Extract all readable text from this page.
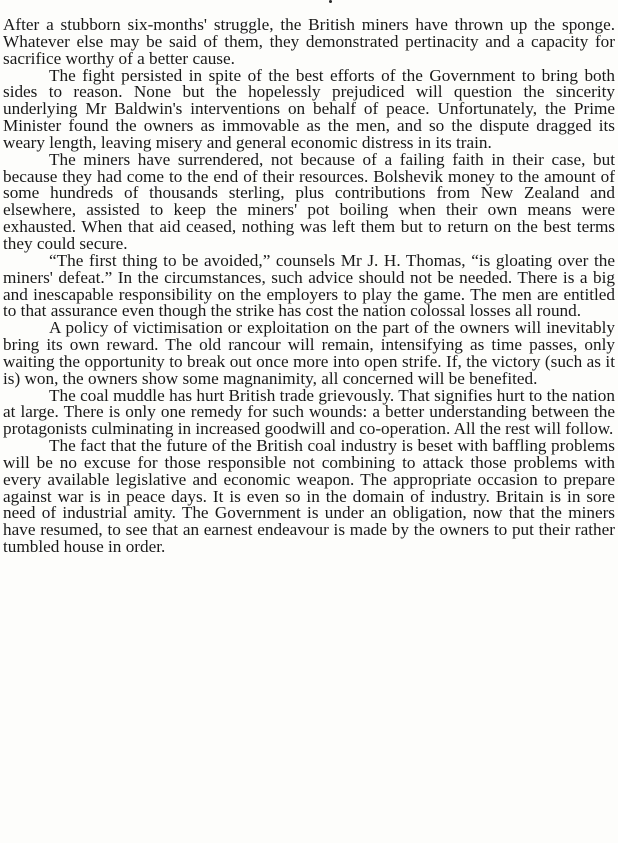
After a stubborn six-months' struggle, the British miners have thrown up the sponge. Whatever else may be said of them, they demonstrated pertinacity and a capacity for sacrifice worthy of a better cause.

The fight persisted in spite of the best efforts of the Government to bring both sides to reason. None but the hopelessly prejudiced will question the sincerity underlying Mr Baldwin's interventions on behalf of peace. Unfortunately, the Prime Minister found the owners as immovable as the men, and so the dispute dragged its weary length, leaving misery and general economic distress in its train.

The miners have surrendered, not because of a failing faith in their case, but because they had come to the end of their resources. Bolshevik money to the amount of some hundreds of thousands sterling, plus contributions from New Zealand and elsewhere, assisted to keep the miners' pot boiling when their own means were exhausted. When that aid ceased, nothing was left them but to return on the best terms they could secure.

“The first thing to be avoided,” counsels Mr J. H. Thomas, “is gloating over the miners' defeat.” In the circumstances, such advice should not be needed. There is a big and inescapable responsibility on the employers to play the game. The men are entitled to that assurance even though the strike has cost the nation colossal losses all round.

A policy of victimisation or exploitation on the part of the owners will inevitably bring its own reward. The old rancour will remain, intensifying as time passes, only waiting the opportunity to break out once more into open strife. If, the victory (such as it is) won, the owners show some magnanimity, all concerned will be benefited.

The coal muddle has hurt British trade grievously. That signifies hurt to the nation at large. There is only one remedy for such wounds: a better understanding between the protagonists culminating in increased goodwill and co-operation. All the rest will follow.

The fact that the future of the British coal industry is beset with baffling problems will be no excuse for those responsible not combining to attack those problems with every available legislative and economic weapon. The appropriate occasion to prepare against war is in peace days. It is even so in the domain of industry. Britain is in sore need of industrial amity. The Government is under an obligation, now that the miners have resumed, to see that an earnest endeavour is made by the owners to put their rather tumbled house in order.
